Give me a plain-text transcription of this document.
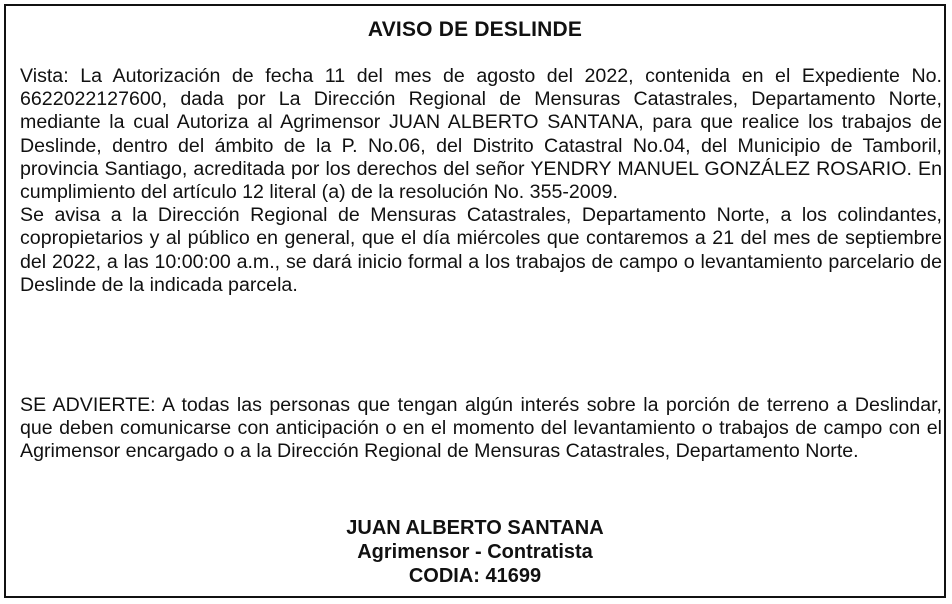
AVISO DE DESLINDE

Vista: La Autorización de fecha 11 del mes de agosto del 2022, contenida en el Expediente No. 6622022127600, dada por La Dirección Regional de Mensuras Catastrales, Departamento Norte, mediante la cual Autoriza al Agrimensor JUAN ALBERTO SANTANA, para que realice los trabajos de Deslinde, dentro del ámbito de la P. No.06, del Distrito Catastral No.04, del Municipio de Tamboril, provincia Santiago, acreditada por los derechos del señor YENDRY MANUEL GONZÁLEZ ROSARIO. En cumplimiento del artículo 12 literal (a) de la resolución No. 355-2009.
Se avisa a la Dirección Regional de Mensuras Catastrales, Departamento Norte, a los colindantes, copropietarios y al público en general, que el día miércoles que contaremos a 21 del mes de septiembre del 2022, a las 10:00:00 a.m., se dará inicio formal a los trabajos de campo o levantamiento parcelario de Deslinde de la indicada parcela.

SE ADVIERTE: A todas las personas que tengan algún interés sobre la porción de terreno a Deslindar, que deben comunicarse con anticipación o en el momento del levantamiento o trabajos de campo con el Agrimensor encargado o a la Dirección Regional de Mensuras Catastrales, Departamento Norte.

JUAN ALBERTO SANTANA
Agrimensor - Contratista
CODIA: 41699
